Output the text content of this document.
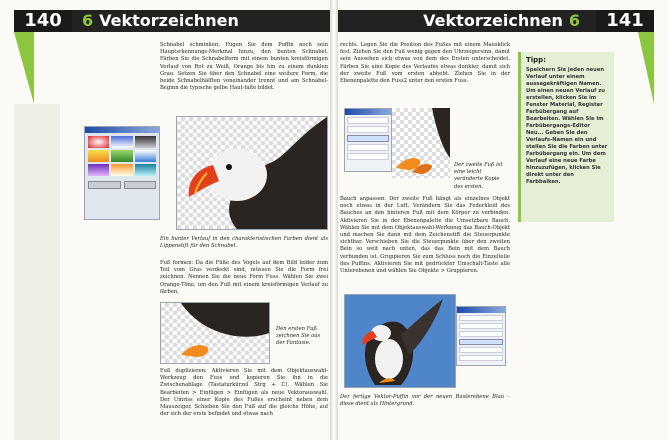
140	6 Vektorzeichnen

Schnabel schminken: Fügen Sie dem Puffin noch sein Hauptsrkennungs-Merkmal hinzu, den bunten Schnabel. Färben Sie die Schnabelform mit einem bunten kreisförmigen Verlauf von Rot zu Weiß, Orange bis hin zu einem dunklen Grau. Setzen Sie über den Schnabel eine weitere Form, die beide Schnabelhälften voneinander trennt und am Schnabel-Beginn die typische gelbe Haut-falte bildet.

Ein bunter Verlauf in den charakteristischen Farben dient als Lippenstift für den Schnabel.

Fuß formen: Da die Füße des Vogels auf dem Bild leider zum Teil vom Gras verdeckt sind, müssen Sie die Form frei zeichnen. Nennen Sie die neue Form Fuss. Wählen Sie zwei Orange-Töne, um den Fuß mit einem kreisförmigen Verlauf zu färben.

Den ersten Fuß zeichnen Sie aus der Fantasie.

Fuß duplizieren: Aktivieren Sie mit dem Objektauswahl-Werkzeug den Fuss und kopieren Sie ihn in die Zwischenablage (Tastaturkürzel Strg + C). Wählen Sie Bearbeiten > Einfügen > Einfügen als neue Vektorauswahl. Der Umriss einer Kopie des Fußes erscheint neben dem Mauszeiger. Schieben Sie den Fuß auf die gleiche Höhe, auf der sich der erste befindet und etwas nach

Vektorzeichnen 6	141

rechts. Legen Sie die Position des Fußes mit einem Mausklick fest. Ziehen Sie den Fuß wenig gegen den Uhrzeigersinn, damit sein Aussehen sich etwas von dem des Ersten unterscheidet. Färben Sie eine Kopie des Verlaufes etwas dunkler, damit sich der zweite Fuß vom ersten abhebt. Ziehen Sie in der Ebenenpalette den Fuss2 unter den ersten Fuss.

Der zweite Fuß ist eine leicht veränderte Kopie des ersten.

Bauch anpassen: Der zweite Fuß hängt als einzelnes Objekt noch etwas in der Luft. Verändern Sie das Federkleid des Bauches an den hinteren Fuß mit dem Körper zu verbinden. Aktivieren Sie in der Ebenenpalette die Umsetzbare Bauch. Wählen Sie mit dem Objektauswahl-Werkzeug das Bauch-Objekt und machen Sie dann mit dem Zeichenstift die Steuerpunkte sichtbar. Verschieben Sie die Steuerpunkte über den zweiten Bein so weit nach unten, das das Bein mit dem Bauch verbunden ist. Gruppieren Sie zum Schluss noch die Einzelteile des Puffins. Aktivieren Sie mit gedrückter Umschalt-Taste alle Unterebenen und wählen Sie Objekte > Gruppieren.

Der fertige Vektor-Puffin vor der neuen Rasterebene Blau – diese dient als Hintergrund.

Tipp:
Speichern Sie jeden neuen Verlauf unter einem aussagekräftigen Namen. Um einen neuen Verlauf zu erstellen, klicken Sie im Fenster Material, Register Farbübergang auf Bearbeiten. Wählen Sie im Farbübergangs-Editor Neu... Geben Sie den Verlaufs-Namen ein und stellen Sie die Farben unter Farbübergang ein. Um dem Verlauf eine neue Farbe hinzuzufügen, klicken Sie direkt unter den Farbbalken.
